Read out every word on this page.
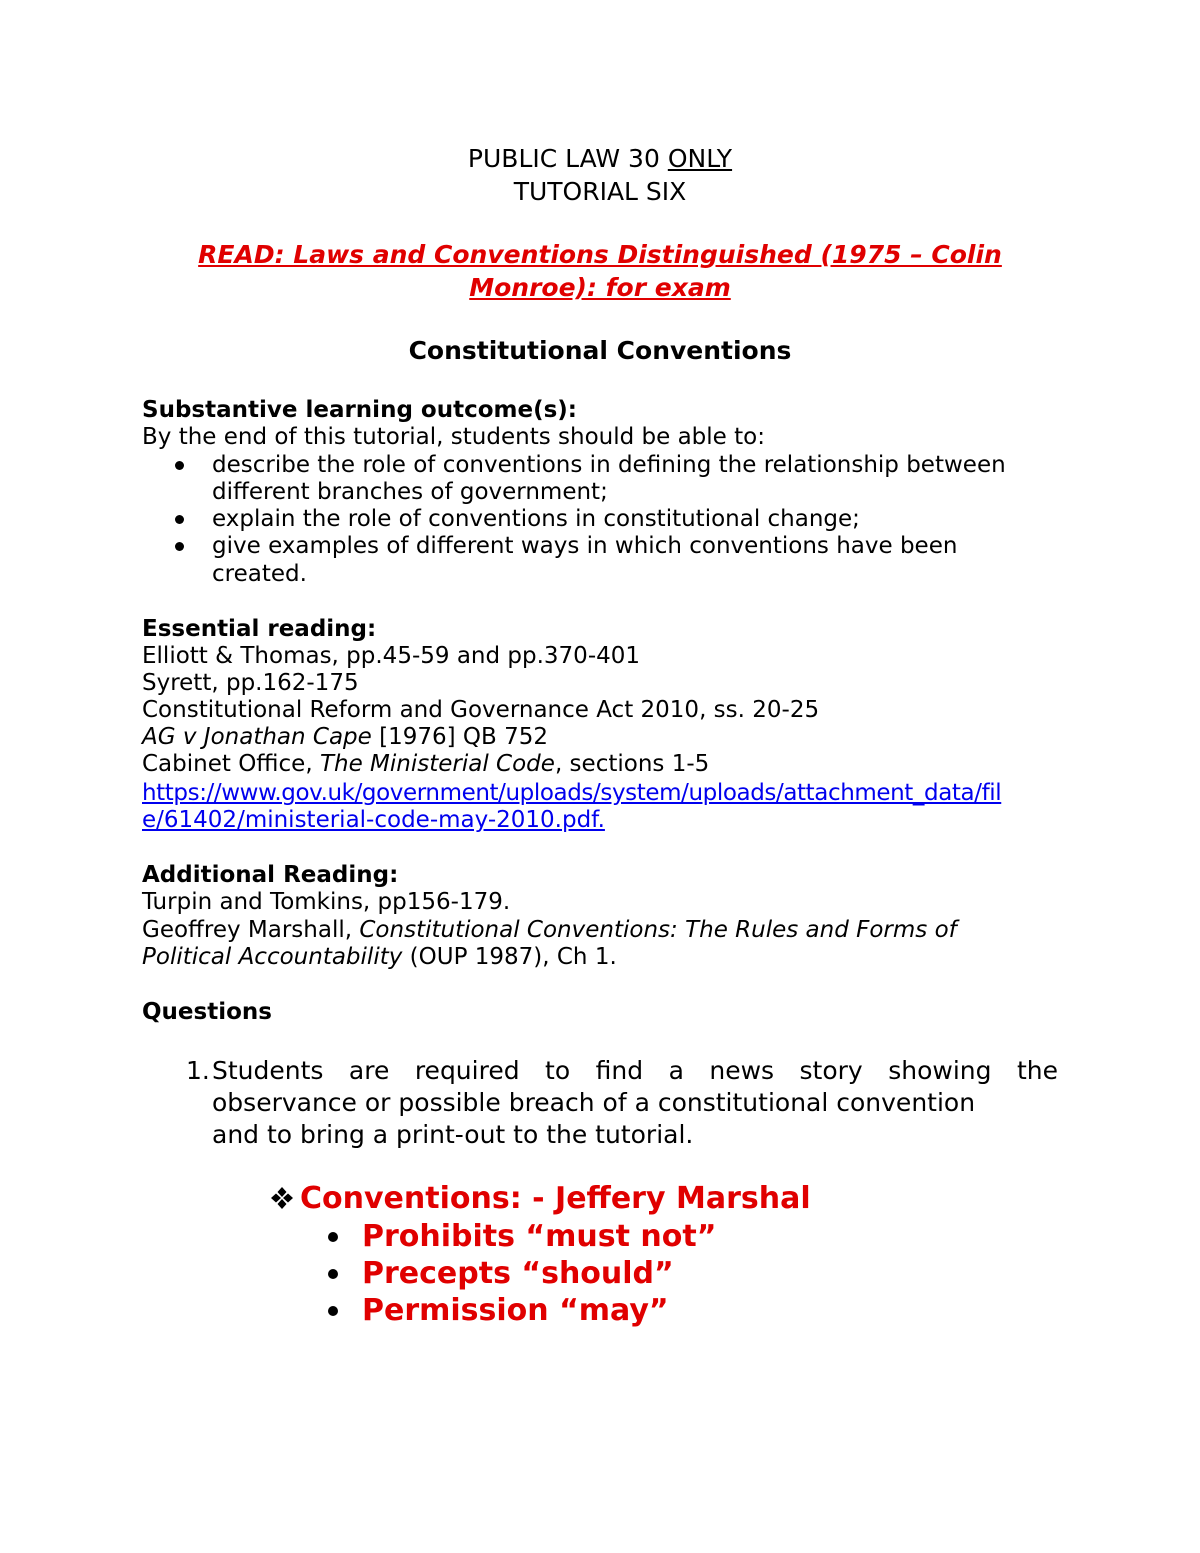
PUBLIC LAW 30 ONLY
TUTORIAL SIX
READ: Laws and Conventions Distinguished (1975 – Colin
Monroe): for exam
Constitutional Conventions
Substantive learning outcome(s):
By the end of this tutorial, students should be able to:
describe the role of conventions in defining the relationship between
different branches of government;
explain the role of conventions in constitutional change;
give examples of different ways in which conventions have been
created.
Essential reading:
Elliott & Thomas, pp.45-59 and pp.370-401
Syrett, pp.162-175
Constitutional Reform and Governance Act 2010, ss. 20-25
AG v Jonathan Cape [1976] QB 752
Cabinet Office, The Ministerial Code, sections 1-5
https://www.gov.uk/government/uploads/system/uploads/attachment_data/fil
e/61402/ministerial-code-may-2010.pdf.
Additional Reading:
Turpin and Tomkins, pp156-179.
Geoffrey Marshall, Constitutional Conventions: The Rules and Forms of
Political Accountability (OUP 1987), Ch 1.
Questions
1. Students are required to find a news story showing the
observance or possible breach of a constitutional convention
and to bring a print-out to the tutorial.
Conventions: - Jeffery Marshal
Prohibits “must not”
Precepts “should”
Permission “may”
